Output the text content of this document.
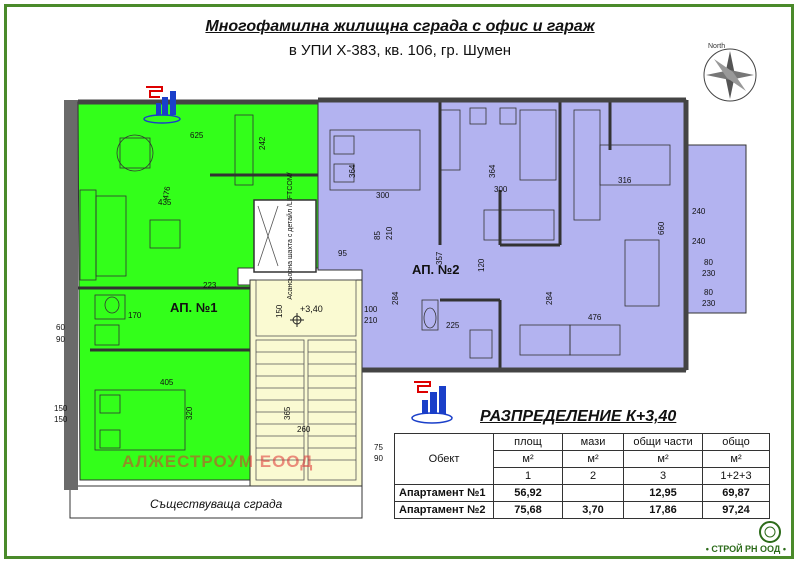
Многофамилна жилищна сграда с офис и гараж
в УПИ X-383, кв. 106, гр. Шумен
625
476
435
242
364
300
364
300
316
660
476
284	284
405
320	365
260
357
223
170
240
240
80
230
80
230
85 210
150	100
210
95
120
60
90
150
150
75
90
225
Асансьорна шахта с детайл /LIFTCOM/
+3,40
North
АП. №1
АП. №2
АЛЖЕСТРОУМ ЕООД
Съществуваща сграда
РАЗПРЕДЕЛЕНИЕ К+3,40
Обект	площ	мази	общи части	общо
	м²	м²	м²	м²
	1	2	3	1+2+3
Апартамент №1	56,92		12,95	69,87
Апартамент №2	75,68	3,70	17,86	97,24
• СТРОЙ РН ООД •
